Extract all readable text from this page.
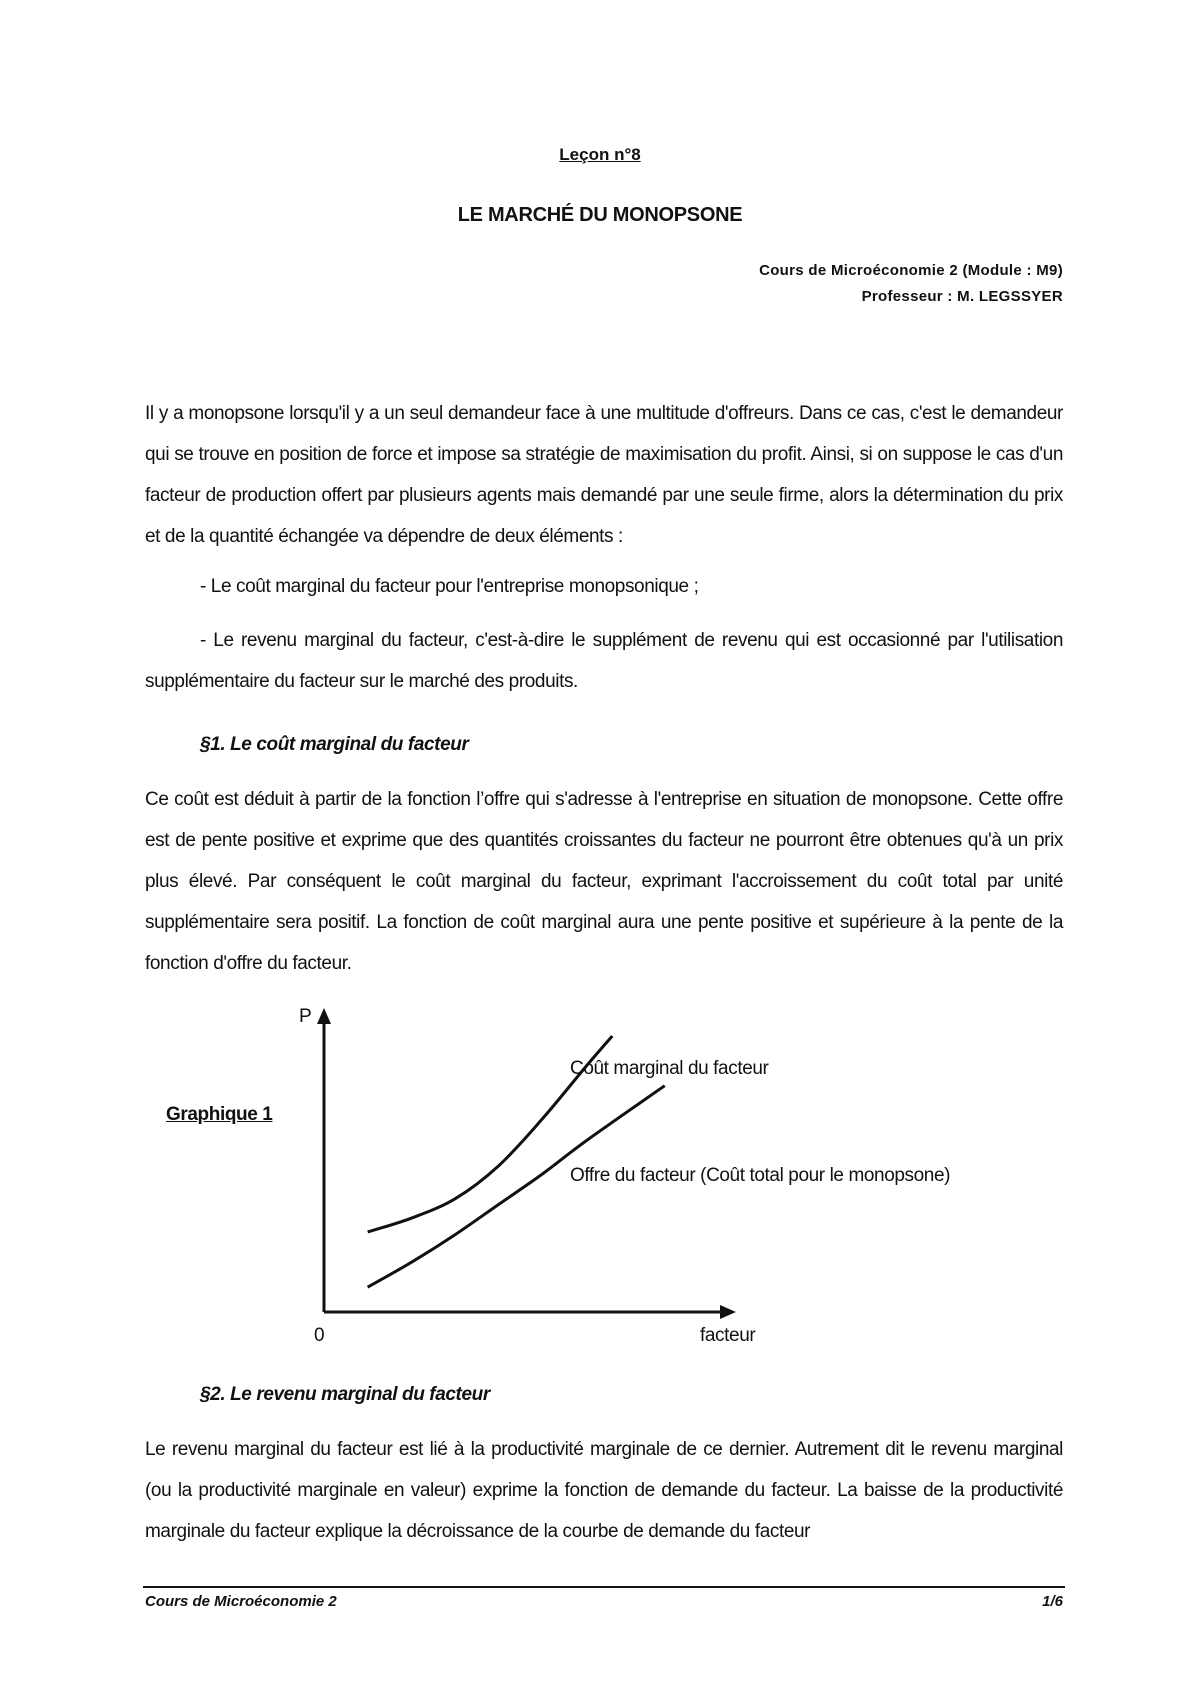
Leçon n°8
LE MARCHÉ DU MONOPSONE
Cours de Microéconomie 2 (Module : M9)
Professeur : M. LEGSSYER
Il y a monopsone lorsqu'il y a un seul demandeur face à une multitude d'offreurs. Dans ce cas, c'est le demandeur qui se trouve en position de force et impose sa stratégie de maximisation du profit. Ainsi, si on suppose le cas d'un facteur de production offert par plusieurs agents mais demandé par une seule firme, alors la détermination du prix et de la quantité échangée va dépendre de deux éléments :
- Le coût marginal du facteur pour l'entreprise monopsonique ;
- Le revenu marginal du facteur, c'est-à-dire le supplément de revenu qui est occasionné par l'utilisation supplémentaire du facteur sur le marché des produits.
§1. Le coût marginal du facteur
Ce coût est déduit à partir de la fonction l’offre qui s'adresse à l'entreprise en situation de monopsone. Cette offre est de pente positive et exprime que des quantités croissantes du facteur ne pourront être obtenues qu'à un prix plus élevé. Par conséquent le coût marginal du facteur, exprimant l'accroissement du coût total par unité supplémentaire sera positif. La fonction de coût marginal aura une pente positive et supérieure à la pente de la fonction d'offre du facteur.
Graphique 1
P
facteur
0
Coût marginal du facteur
Offre du facteur (Coût total pour le monopsone)
§2. Le revenu marginal du facteur
Le revenu marginal du facteur est lié à la productivité marginale de ce dernier. Autrement dit le revenu marginal (ou la productivité marginale en valeur) exprime la fonction de demande du facteur. La baisse de la productivité marginale du facteur explique la décroissance de la courbe de demande du facteur
Cours de Microéconomie 2	1/6
